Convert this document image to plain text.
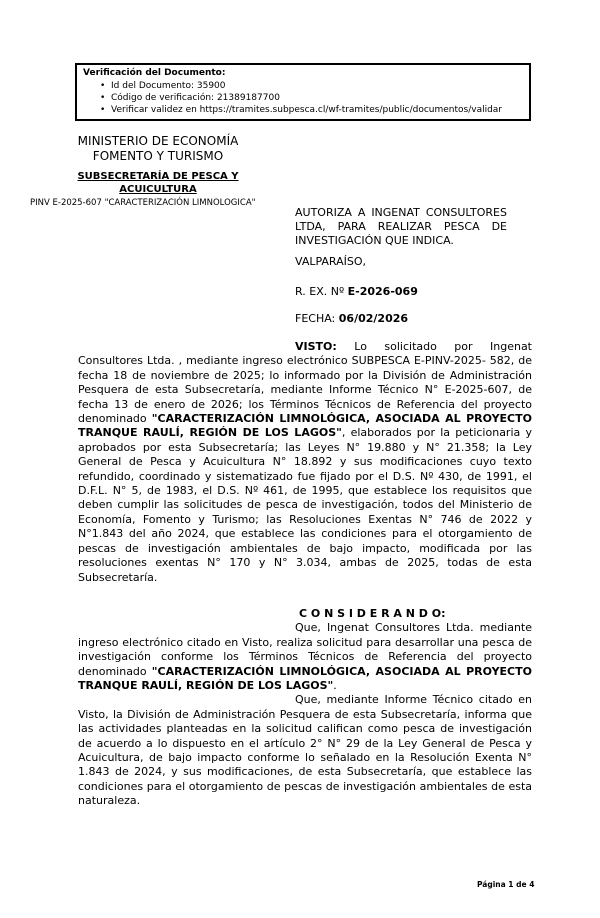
Verificación del Documento:
• Id del Documento: 35900
• Código de verificación: 21389187700
• Verificar validez en https://tramites.subpesca.cl/wf-tramites/public/documentos/validar
MINISTERIO DE ECONOMÍA
FOMENTO Y TURISMO
SUBSECRETARÍA DE PESCA Y
ACUICULTURA
PINV E-2025-607 "CARACTERIZACIÓN LIMNOLOGICA"
AUTORIZA A INGENAT CONSULTORES LTDA, PARA REALIZAR PESCA DE INVESTIGACIÓN QUE INDICA.
VALPARAÍSO,
R. EX. Nº E-2026-069
FECHA: 06/02/2026

VISTO: Lo solicitado por Ingenat Consultores Ltda. , mediante ingreso electrónico SUBPESCA E-PINV-2025- 582, de fecha 18 de noviembre de 2025; lo informado por la División de Administración Pesquera de esta Subsecretaría, mediante Informe Técnico N° E-2025-607, de fecha 13 de enero de 2026; los Términos Técnicos de Referencia del proyecto denominado "CARACTERIZACIÓN LIMNOLÓGICA, ASOCIADA AL PROYECTO TRANQUE RAULÍ, REGIÓN DE LOS LAGOS", elaborados por la peticionaria y aprobados por esta Subsecretaría; las Leyes N° 19.880 y N° 21.358; la Ley General de Pesca y Acuicultura N° 18.892 y sus modificaciones cuyo texto refundido, coordinado y sistematizado fue fijado por el D.S. Nº 430, de 1991, el D.F.L. N° 5, de 1983, el D.S. Nº 461, de 1995, que establece los requisitos que deben cumplir las solicitudes de pesca de investigación, todos del Ministerio de Economía, Fomento y Turismo; las Resoluciones Exentas N° 746 de 2022 y N°1.843 del año 2024, que establece las condiciones para el otorgamiento de pescas de investigación ambientales de bajo impacto, modificada por las resoluciones exentas N° 170 y N° 3.034, ambas de 2025, todas de esta Subsecretaría.

C O N S I D E R A N D O:

Que, Ingenat Consultores Ltda. mediante ingreso electrónico citado en Visto, realiza solicitud para desarrollar una pesca de investigación conforme los Términos Técnicos de Referencia del proyecto denominado "CARACTERIZACIÓN LIMNOLÓGICA, ASOCIADA AL PROYECTO TRANQUE RAULÍ, REGIÓN DE LOS LAGOS".

Que, mediante Informe Técnico citado en Visto, la División de Administración Pesquera de esta Subsecretaría, informa que las actividades planteadas en la solicitud califican como pesca de investigación de acuerdo a lo dispuesto en el artículo 2° N° 29 de la Ley General de Pesca y Acuicultura, de bajo impacto conforme lo señalado en la Resolución Exenta N° 1.843 de 2024, y sus modificaciones, de esta Subsecretaría, que establece las condiciones para el otorgamiento de pescas de investigación ambientales de esta naturaleza.

Página 1 de 4
